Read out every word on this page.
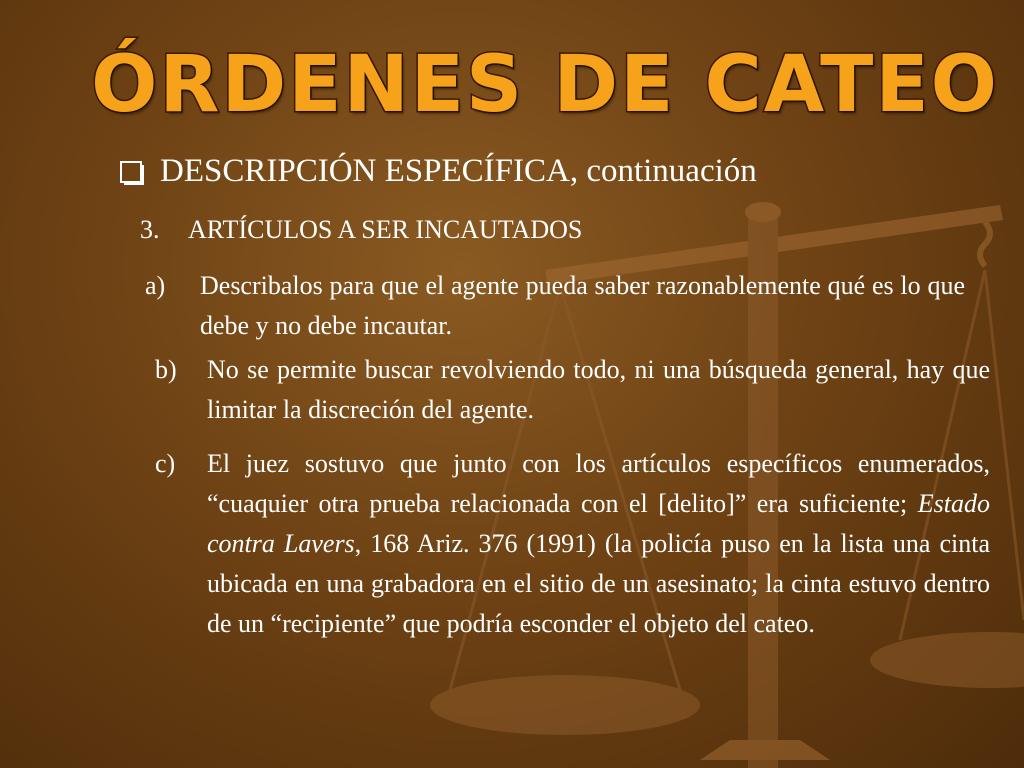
ÓRDENES DE CATEO
DESCRIPCIÓN ESPECÍFICA, continuación
3. ARTÍCULOS A SER INCAUTADOS
a) Describalos para que el agente pueda saber razonablemente qué es lo que debe y no debe incautar.
b) No se permite buscar revolviendo todo, ni una búsqueda general, hay que limitar la discreción del agente.
c) El juez sostuvo que junto con los artículos específicos enumerados, “cuaquier otra prueba relacionada con el [delito]” era suficiente; Estado contra Lavers, 168 Ariz. 376 (1991) (la policía puso en la lista una cinta ubicada en una grabadora en el sitio de un asesinato; la cinta estuvo dentro de un “recipiente” que podría esconder el objeto del cateo.
